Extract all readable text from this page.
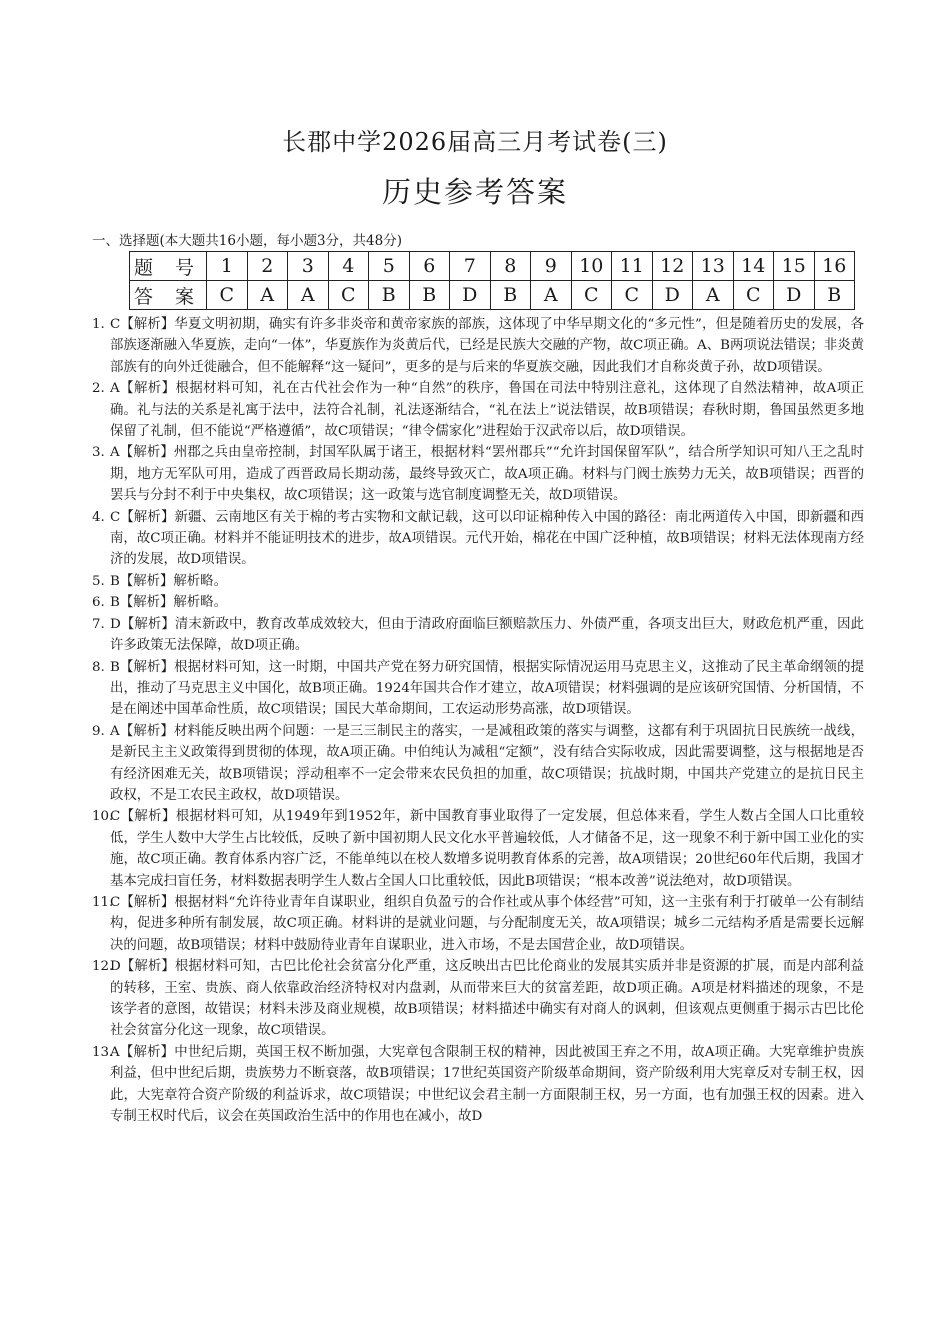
长郡中学2026届高三月考试卷(三)
历史参考答案
一、选择题(本大题共16小题，每小题3分，共48分)
题 号	1	2	3	4	5	6	7	8	9	10	11	12	13	14	15	16
答 案	C	A	A	C	B	B	D	B	A	C	C	D	A	C	D	B
1. C【解析】华夏文明初期，确实有许多非炎帝和黄帝家族的部族，这体现了中华早期文化的“多元性”，但是随着历史的发展，各部族逐渐融入华夏族，走向“一体”，华夏族作为炎黄后代，已经是民族大交融的产物，故C项正确。A、B两项说法错误；非炎黄部族有的向外迁徙融合，但不能解释“这一疑问”，更多的是与后来的华夏族交融，因此我们才自称炎黄子孙，故D项错误。
2. A【解析】根据材料可知，礼在古代社会作为一种“自然”的秩序，鲁国在司法中特别注意礼，这体现了自然法精神，故A项正确。礼与法的关系是礼寓于法中，法符合礼制，礼法逐渐结合，“礼在法上”说法错误，故B项错误；春秋时期，鲁国虽然更多地保留了礼制，但不能说“严格遵循”，故C项错误；“律令儒家化”进程始于汉武帝以后，故D项错误。
3. A【解析】州郡之兵由皇帝控制，封国军队属于诸王，根据材料“罢州郡兵”“允许封国保留军队”，结合所学知识可知八王之乱时期，地方无军队可用，造成了西晋政局长期动荡，最终导致灭亡，故A项正确。材料与门阀士族势力无关，故B项错误；西晋的罢兵与分封不利于中央集权，故C项错误；这一政策与选官制度调整无关，故D项错误。
4. C【解析】新疆、云南地区有关于棉的考古实物和文献记载，这可以印证棉种传入中国的路径：南北两道传入中国，即新疆和西南，故C项正确。材料并不能证明技术的进步，故A项错误。元代开始，棉花在中国广泛种植，故B项错误；材料无法体现南方经济的发展，故D项错误。
5. B【解析】解析略。
6. B【解析】解析略。
7. D【解析】清末新政中，教育改革成效较大，但由于清政府面临巨额赔款压力、外债严重，各项支出巨大，财政危机严重，因此许多政策无法保障，故D项正确。
8. B【解析】根据材料可知，这一时期，中国共产党在努力研究国情，根据实际情况运用马克思主义，这推动了民主革命纲领的提出，推动了马克思主义中国化，故B项正确。1924年国共合作才建立，故A项错误；材料强调的是应该研究国情、分析国情，不是在阐述中国革命性质，故C项错误；国民大革命期间，工农运动形势高涨，故D项错误。
9. A【解析】材料能反映出两个问题：一是三三制民主的落实，一是减租政策的落实与调整，这都有利于巩固抗日民族统一战线，是新民主主义政策得到贯彻的体现，故A项正确。中伯纯认为减租“定额”，没有结合实际收成，因此需要调整，这与根据地是否有经济困难无关，故B项错误；浮动租率不一定会带来农民负担的加重，故C项错误；抗战时期，中国共产党建立的是抗日民主政权，不是工农民主政权，故D项错误。
10.
C【解析】根据材料可知，从1949年到1952年，新中国教育事业取得了一定发展，但总体来看，学生人数占全国人口比重较低，学生人数中大学生占比较低，反映了新中国初期人民文化水平普遍较低，人才储备不足，这一现象不利于新中国工业化的实施，故C项正确。教育体系内容广泛，不能单纯以在校人数增多说明教育体系的完善，故A项错误；20世纪60年代后期，我国才基本完成扫盲任务，材料数据表明学生人数占全国人口比重较低，因此B项错误；“根本改善”说法绝对，故D项错误。
11.
C【解析】根据材料“允许待业青年自谋职业，组织自负盈亏的合作社或从事个体经营”可知，这一主张有利于打破单一公有制结构，促进多种所有制发展，故C项正确。材料讲的是就业问题，与分配制度无关，故A项错误；城乡二元结构矛盾是需要长远解决的问题，故B项错误；材料中鼓励待业青年自谋职业，进入市场，不是去国营企业，故D项错误。
12.
D【解析】根据材料可知，古巴比伦社会贫富分化严重，这反映出古巴比伦商业的发展其实质并非是资源的扩展，而是内部利益的转移，王室、贵族、商人依靠政治经济特权对内盘剥，从而带来巨大的贫富差距，故D项正确。A项是材料描述的现象，不是该学者的意图，故错误；材料未涉及商业规模，故B项错误；材料描述中确实有对商人的讽刺，但该观点更侧重于揭示古巴比伦社会贫富分化这一现象，故C项错误。
13.
A【解析】中世纪后期，英国王权不断加强，大宪章包含限制王权的精神，因此被国王弃之不用，故A项正确。大宪章维护贵族利益，但中世纪后期，贵族势力不断衰落，故B项错误；17世纪英国资产阶级革命期间，资产阶级利用大宪章反对专制王权，因此，大宪章符合资产阶级的利益诉求，故C项错误；中世纪议会君主制一方面限制王权，另一方面，也有加强王权的因素。进入专制王权时代后，议会在英国政治生活中的作用也在减小，故D
